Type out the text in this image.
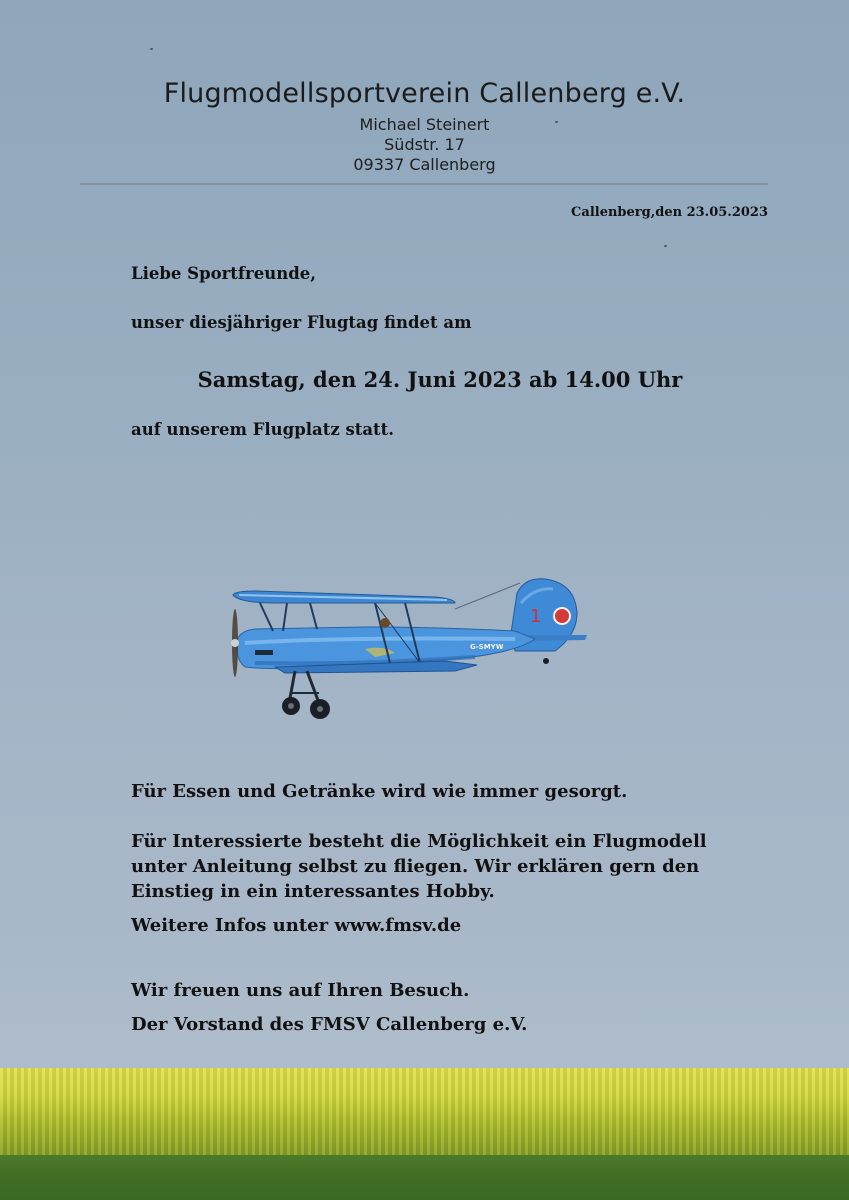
Flugmodellsportverein Callenberg e.V.
Michael Steinert
Südstr. 17
09337 Callenberg
Callenberg,den 23.05.2023
Liebe Sportfreunde,
unser diesjähriger Flugtag findet am
Samstag, den 24. Juni 2023 ab 14.00 Uhr
auf unserem Flugplatz statt.
1
G-SMYW
Für Essen und Getränke wird wie immer gesorgt.
Für Interessierte besteht die Möglichkeit ein Flugmodell
unter Anleitung selbst zu fliegen. Wir erklären gern den
Einstieg in ein interessantes Hobby.
Weitere Infos unter www.fmsv.de
Wir freuen uns auf Ihren Besuch.
Der Vorstand des FMSV Callenberg e.V.
